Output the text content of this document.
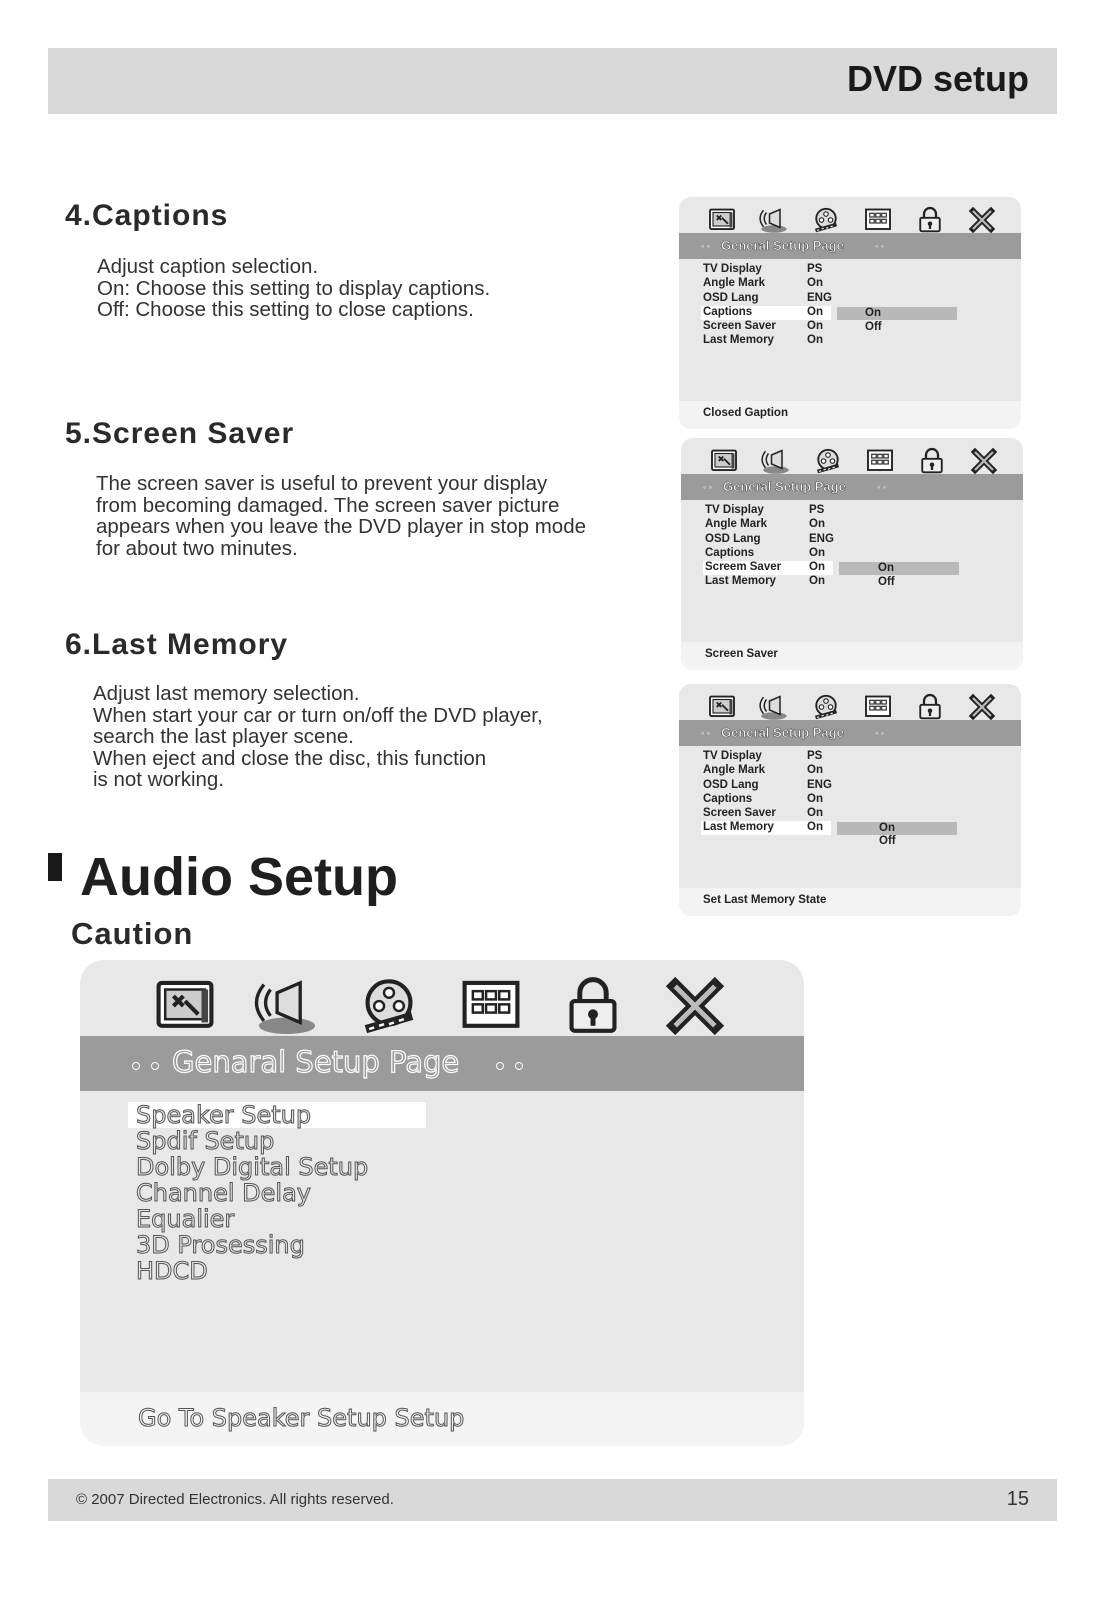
DVD setup
4.Captions
Adjust caption selection.
On: Choose this setting to display captions.
Off: Choose this setting to close captions.
5.Screen Saver
The screen saver is useful to prevent your display
from becoming damaged. The screen saver picture
appears when you leave the DVD player in stop mode
for about two minutes.
6.Last Memory
Adjust last memory selection.
When start your car or turn on/off the DVD player,
search the last player scene.
When eject and close the disc, this function
is not working.
Audio Setup
Caution
◦ ◦ General Setup Page	◦ ◦
TV Display	PS
Angle Mark	On
OSD Lang	ENG
Captions	On
Screen Saver	On
Last Memory	On
On
Off
Closed Gaption
◦ ◦ General Setup Page	◦ ◦
TV Display	PS
Angle Mark	On
OSD Lang	ENG
Captions	On
Screem Saver On
Last Memory	On
On
Off
Screen Saver
◦ ◦ General Setup Page	◦ ◦
TV Display	PS
Angle Mark	On
OSD Lang	ENG
Captions	On
Screen Saver	On
Last Memory	On	On
Off
Set Last Memory State
Genaral Setup Page
Speaker Setup
Spdif Setup
Dolby Digital Setup
Channel Delay
Equalier
3D Prosessing
HDCD
Go To Speaker Setup Setup
© 2007 Directed Electronics. All rights reserved.	15
